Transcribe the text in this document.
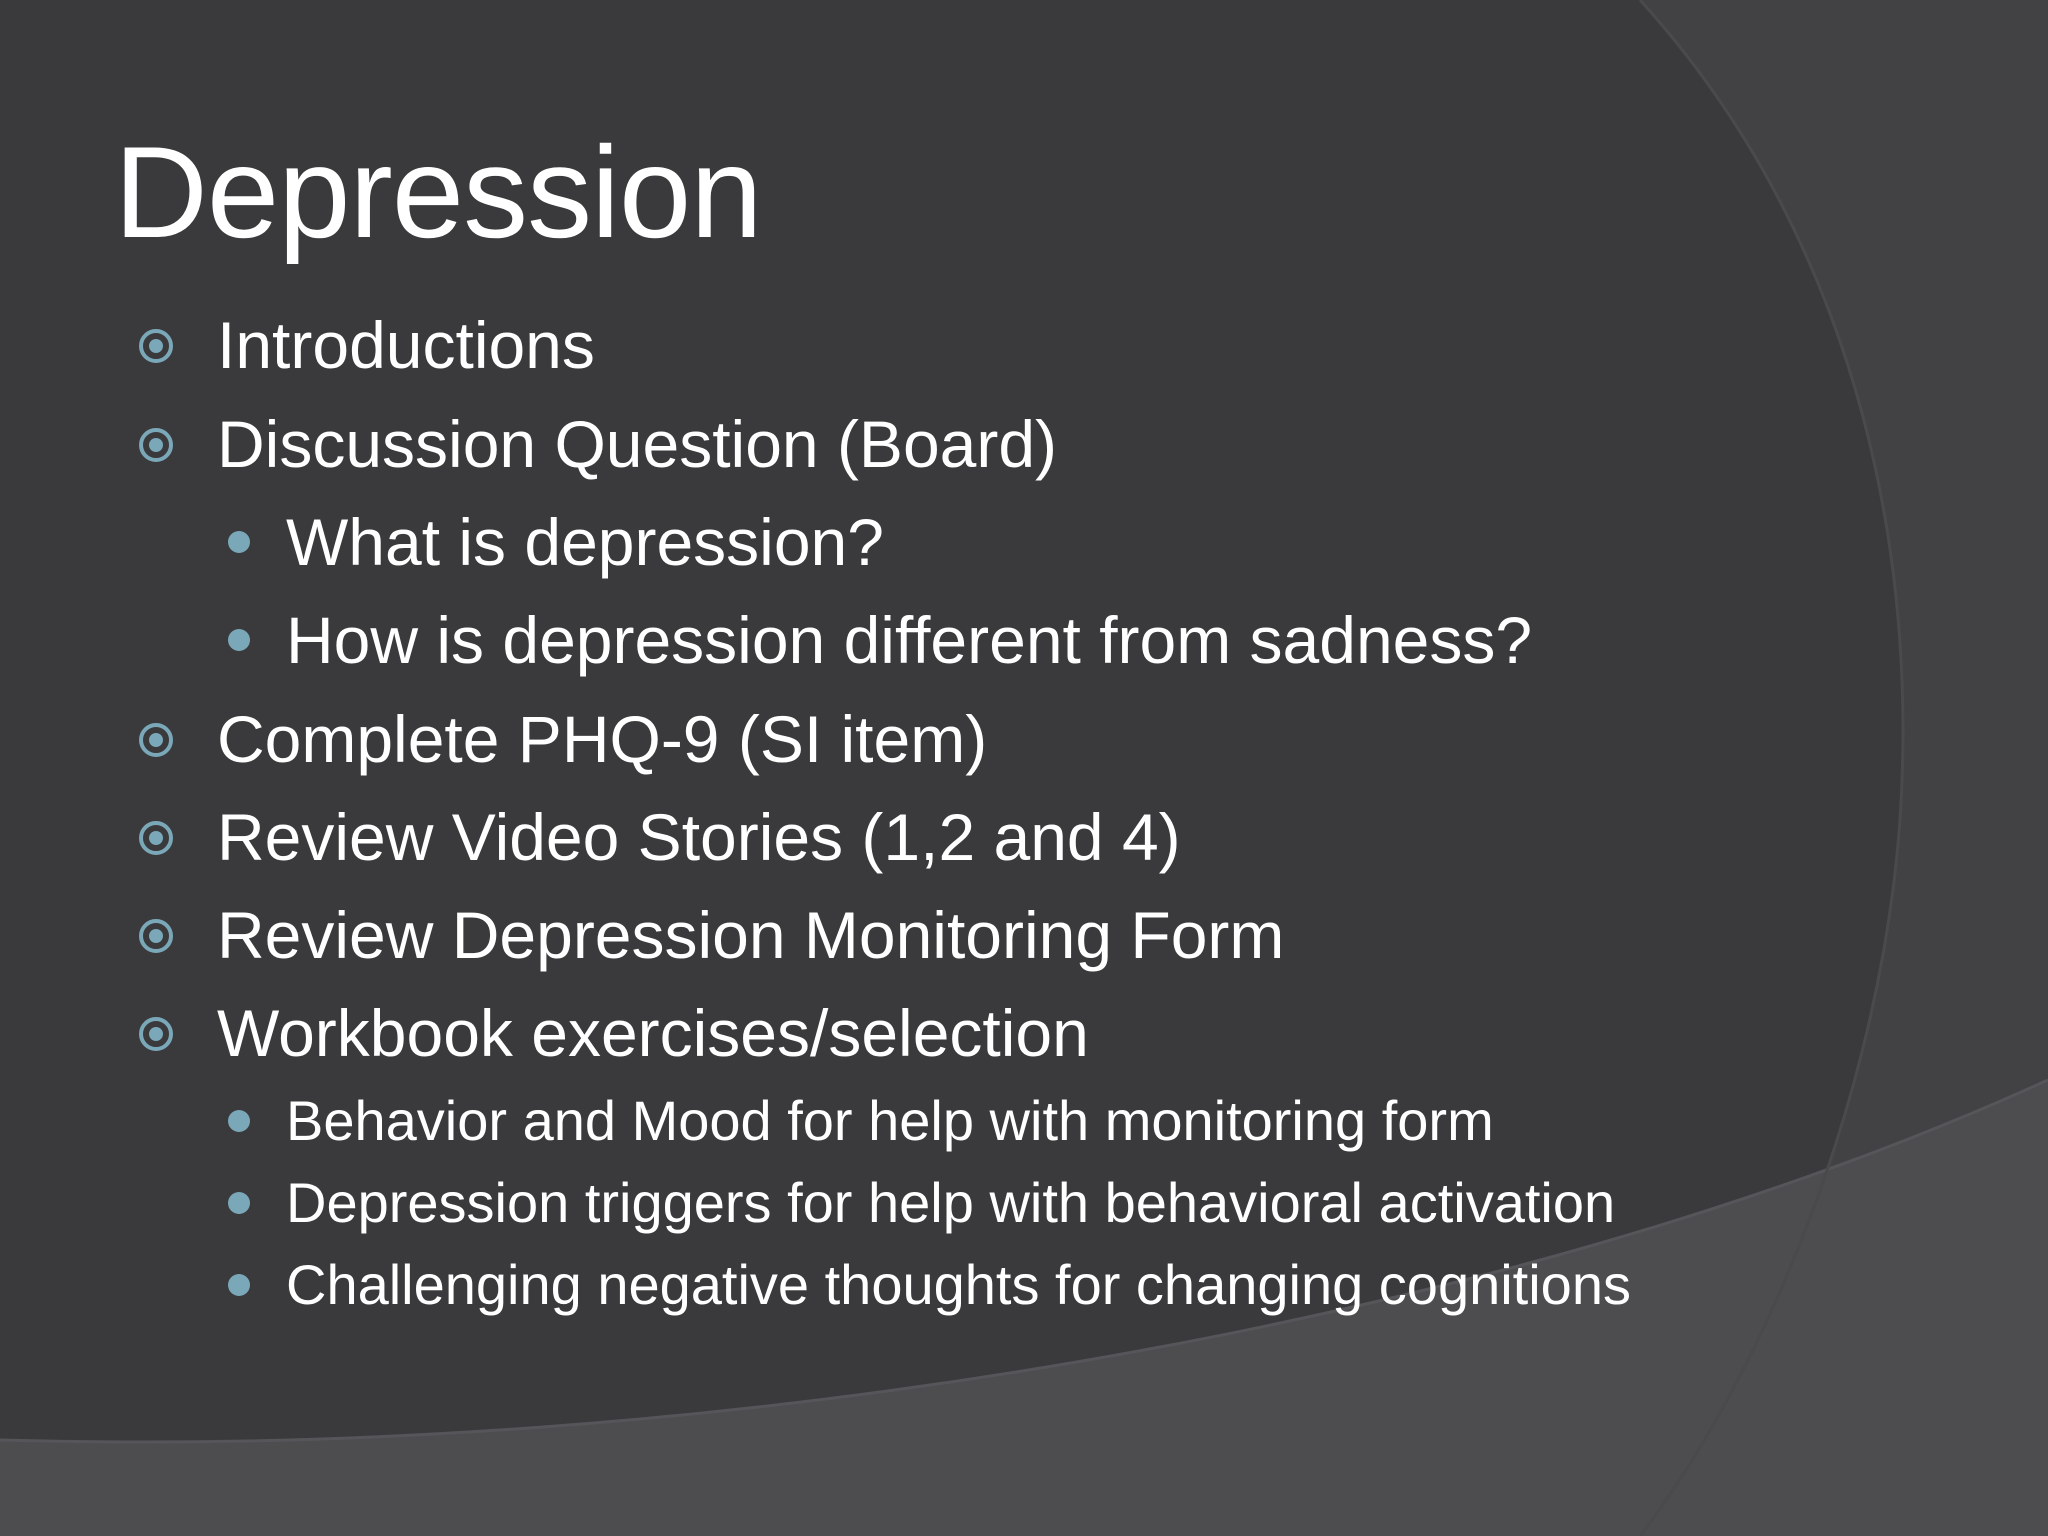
Depression
Introductions
Discussion Question (Board)
What is depression?
How is depression different from sadness?
Complete PHQ-9 (SI item)
Review Video Stories (1,2 and 4)
Review Depression Monitoring Form
Workbook exercises/selection
Behavior and Mood for help with monitoring form
Depression triggers for help with behavioral activation
Challenging negative thoughts for changing cognitions
